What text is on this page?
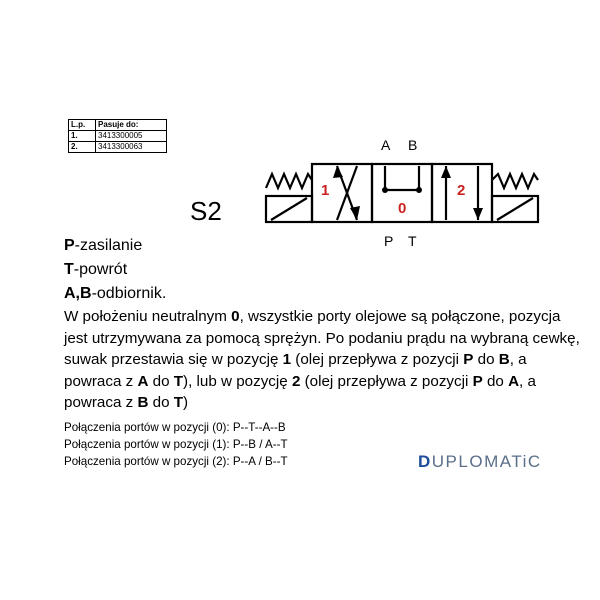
L.p.	Pasuje do:
1.	3413300005
2.	3413300063
S2
A B
P T
1
0
2
P-zasilanie
T-powrót
A,B-odbiornik.
W położeniu neutralnym 0, wszystkie porty olejowe są połączone, pozycja jest utrzymywana za pomocą sprężyn. Po podaniu prądu na wybraną cewkę, suwak przestawia się w pozycję 1 (olej przepływa z pozycji P do B, a powraca z A do T), lub w pozycję 2 (olej przepływa z pozycji P do A, a powraca z B do T)
Połączenia portów w pozycji (0): P--T--A--B
Połączenia portów w pozycji (1): P--B / A--T
Połączenia portów w pozycji (2): P--A / B--T	DUPLOMATiC
